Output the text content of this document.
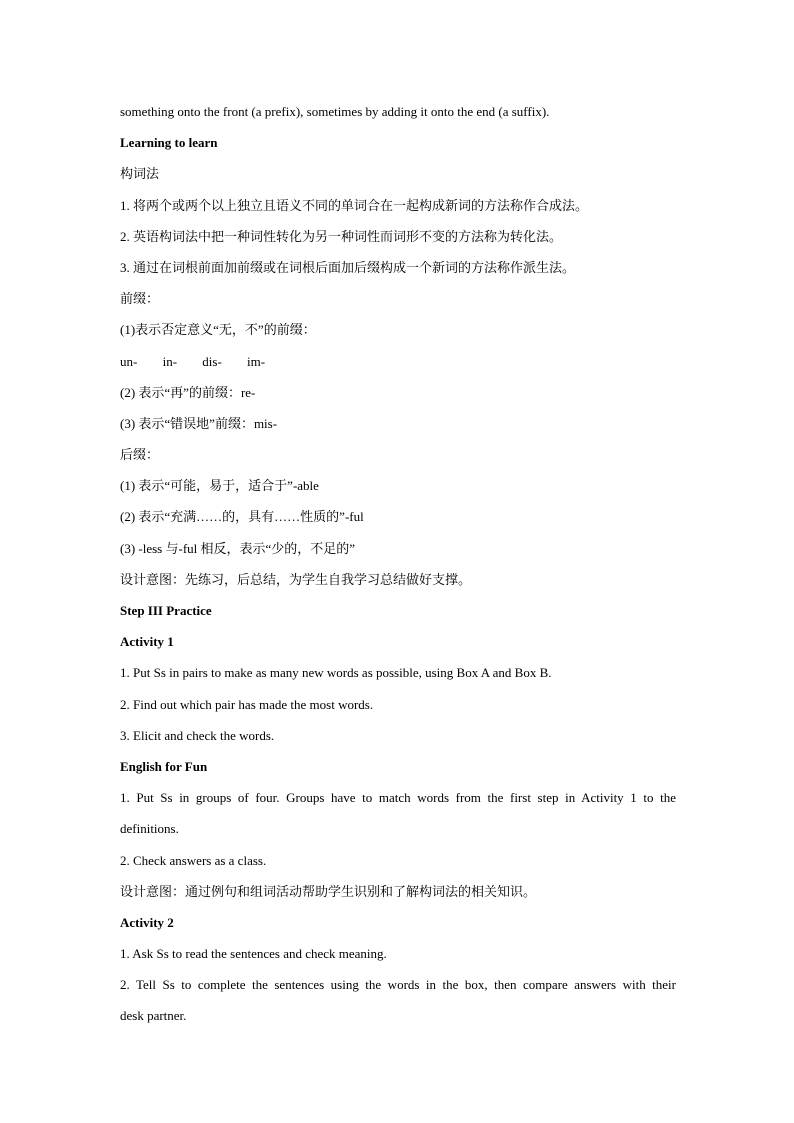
something onto the front (a prefix), sometimes by adding it onto the end (a suffix).
Learning to learn
构词法
1. 将两个或两个以上独立且语义不同的单词合在一起构成新词的方法称作合成法。
2. 英语构词法中把一种词性转化为另一种词性而词形不变的方法称为转化法。
3. 通过在词根前面加前缀或在词根后面加后缀构成一个新词的方法称作派生法。
前缀：
(1)表示否定意义“无，不”的前缀：
un- in- dis- im-
(2) 表示“再”的前缀：re-
(3) 表示“错误地”前缀：mis-
后缀：
(1) 表示“可能，易于，适合于”-able
(2) 表示“充满……的，具有……性质的”-ful
(3) -less 与-ful 相反，表示“少的，不足的”
设计意图：先练习，后总结，为学生自我学习总结做好支撑。
Step III Practice
Activity 1
1. Put Ss in pairs to make as many new words as possible, using Box A and Box B.
2. Find out which pair has made the most words.
3. Elicit and check the words.
English for Fun
1. Put Ss in groups of four. Groups have to match words from the first step in Activity 1 to the
definitions.
2. Check answers as a class.
设计意图：通过例句和组词活动帮助学生识别和了解构词法的相关知识。
Activity 2
1. Ask Ss to read the sentences and check meaning.
2. Tell Ss to complete the sentences using the words in the box, then compare answers with their
desk partner.
